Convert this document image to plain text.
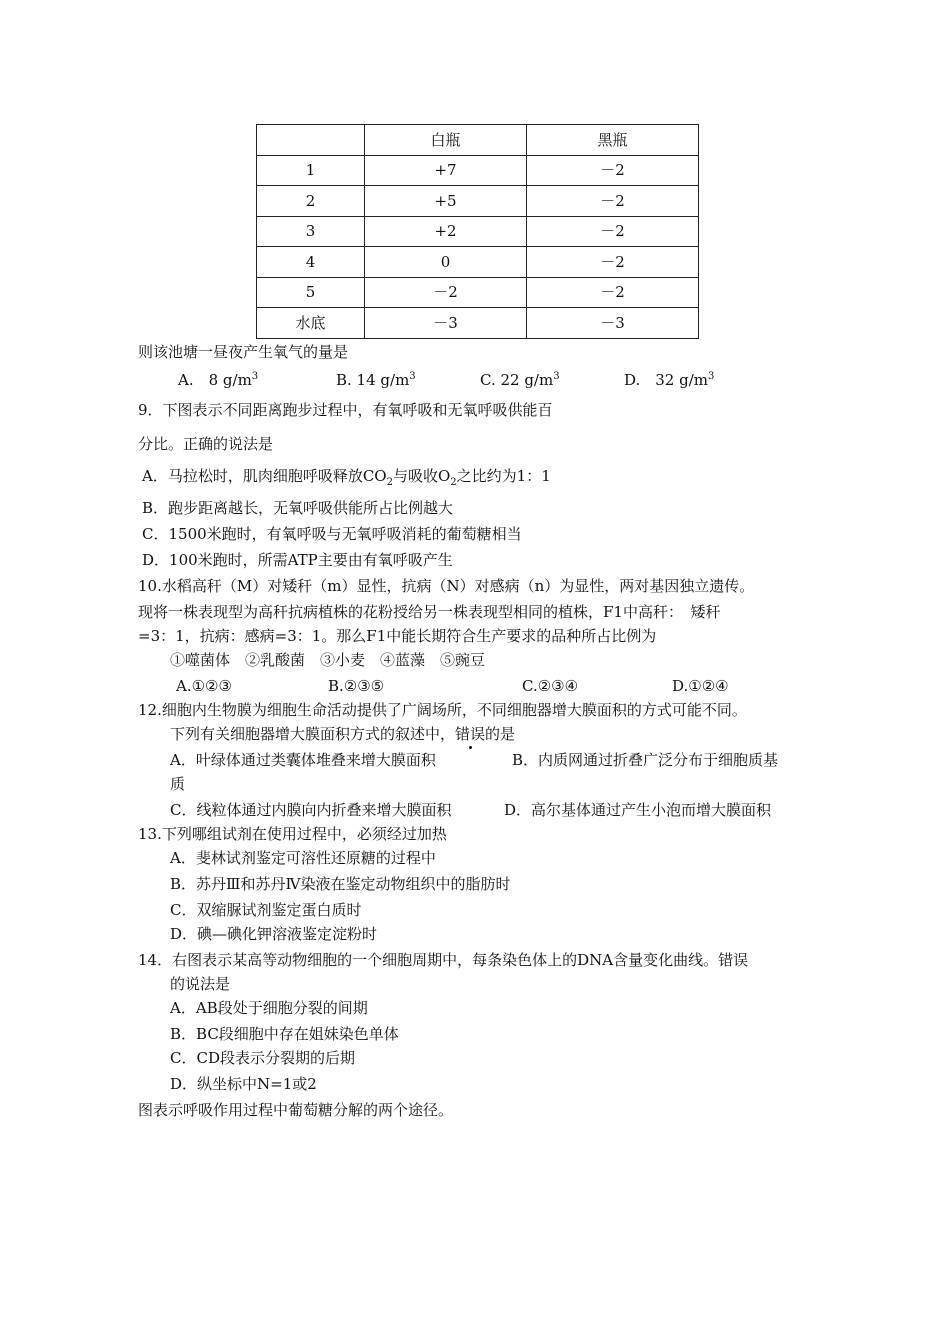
	白瓶	黑瓶
1	+7	－2
2	+5	－2
3	+2	－2
4	0	－2
5	－2	－2
水底	－3	－3
则该池塘一昼夜产生氧气的量是
A.　8 $g/m^3$	B. 14 $g/m^3$	C. 22 $g/m^3$	D.　32 $g/m^3$
9．下图表示不同距离跑步过程中，有氧呼吸和无氧呼吸供能百
分比。正确的说法是
A．马拉松时，肌肉细胞呼吸释放$CO_2$与吸收$O_2$之比约为1：1
B．跑步距离越长，无氧呼吸供能所占比例越大
C．1500米跑时，有氧呼吸与无氧呼吸消耗的葡萄糖相当
D．100米跑时，所需ATP主要由有氧呼吸产生
10.水稻高秆（M）对矮秆（m）显性，抗病（N）对感病（n）为显性，两对基因独立遗传。
现将一株表现型为高秆抗病植株的花粉授给另一株表现型相同的植株，F1中高秆：　矮秆
=3：1，抗病：感病=3：1。那么F1中能长期符合生产要求的品种所占比例为
①噬菌体　②乳酸菌　③小麦　④蓝藻　⑤豌豆
A.①②③	B.②③⑤	C.②③④	D.①②④
12.细胞内生物膜为细胞生命活动提供了广阔场所，不同细胞器增大膜面积的方式可能不同。
下列有关细胞器增大膜面积方式的叙述中，错误的是
A．叶绿体通过类囊体堆叠来增大膜面积	B．内质网通过折叠广泛分布于细胞质基
质
C．线粒体通过内膜向内折叠来增大膜面积	D．高尔基体通过产生小泡而增大膜面积
13.下列哪组试剂在使用过程中，必须经过加热
A．斐林试剂鉴定可溶性还原糖的过程中
B．苏丹Ⅲ和苏丹Ⅳ染液在鉴定动物组织中的脂肪时
C．双缩脲试剂鉴定蛋白质时
D．碘—碘化钾溶液鉴定淀粉时
14．右图表示某高等动物细胞的一个细胞周期中，每条染色体上的DNA含量变化曲线。错误
的说法是
A．AB段处于细胞分裂的间期
B．BC段细胞中存在姐妹染色单体
C．CD段表示分裂期的后期
D．纵坐标中N=1或2
图表示呼吸作用过程中葡萄糖分解的两个途径。
